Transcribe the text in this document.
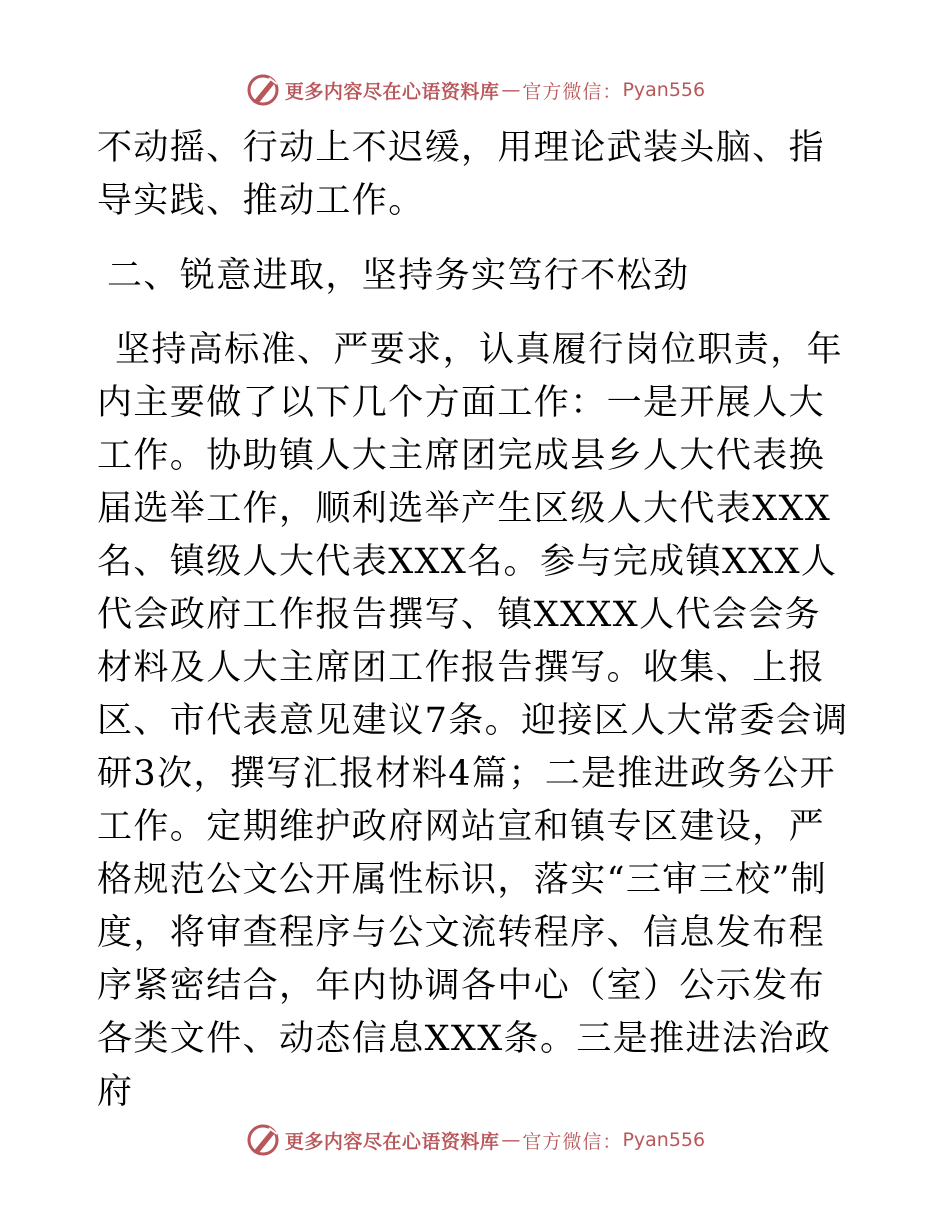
更多内容尽在心语资料库 — 官方微信： Pyan556

不动摇、行动上不迟缓，用理论武装头脑、指导实践、推动工作。

二、锐意进取，坚持务实笃行不松劲

坚持高标准、严要求，认真履行岗位职责，年内主要做了以下几个方面工作：一是开展人大工作。协助镇人大主席团完成县乡人大代表换届选举工作，顺利选举产生区级人大代表XXX名、镇级人大代表XXX名。参与完成镇XXX人代会政府工作报告撰写、镇XXXX人代会会务材料及人大主席团工作报告撰写。收集、上报区、市代表意见建议7条。迎接区人大常委会调研3次，撰写汇报材料4篇；二是推进政务公开工作。定期维护政府网站宣和镇专区建设，严格规范公文公开属性标识，落实“三审三校”制度，将审查程序与公文流转程序、信息发布程序紧密结合，年内协调各中心（室）公示发布各类文件、动态信息XXX条。三是推进法治政府

更多内容尽在心语资料库 — 官方微信： Pyan556
